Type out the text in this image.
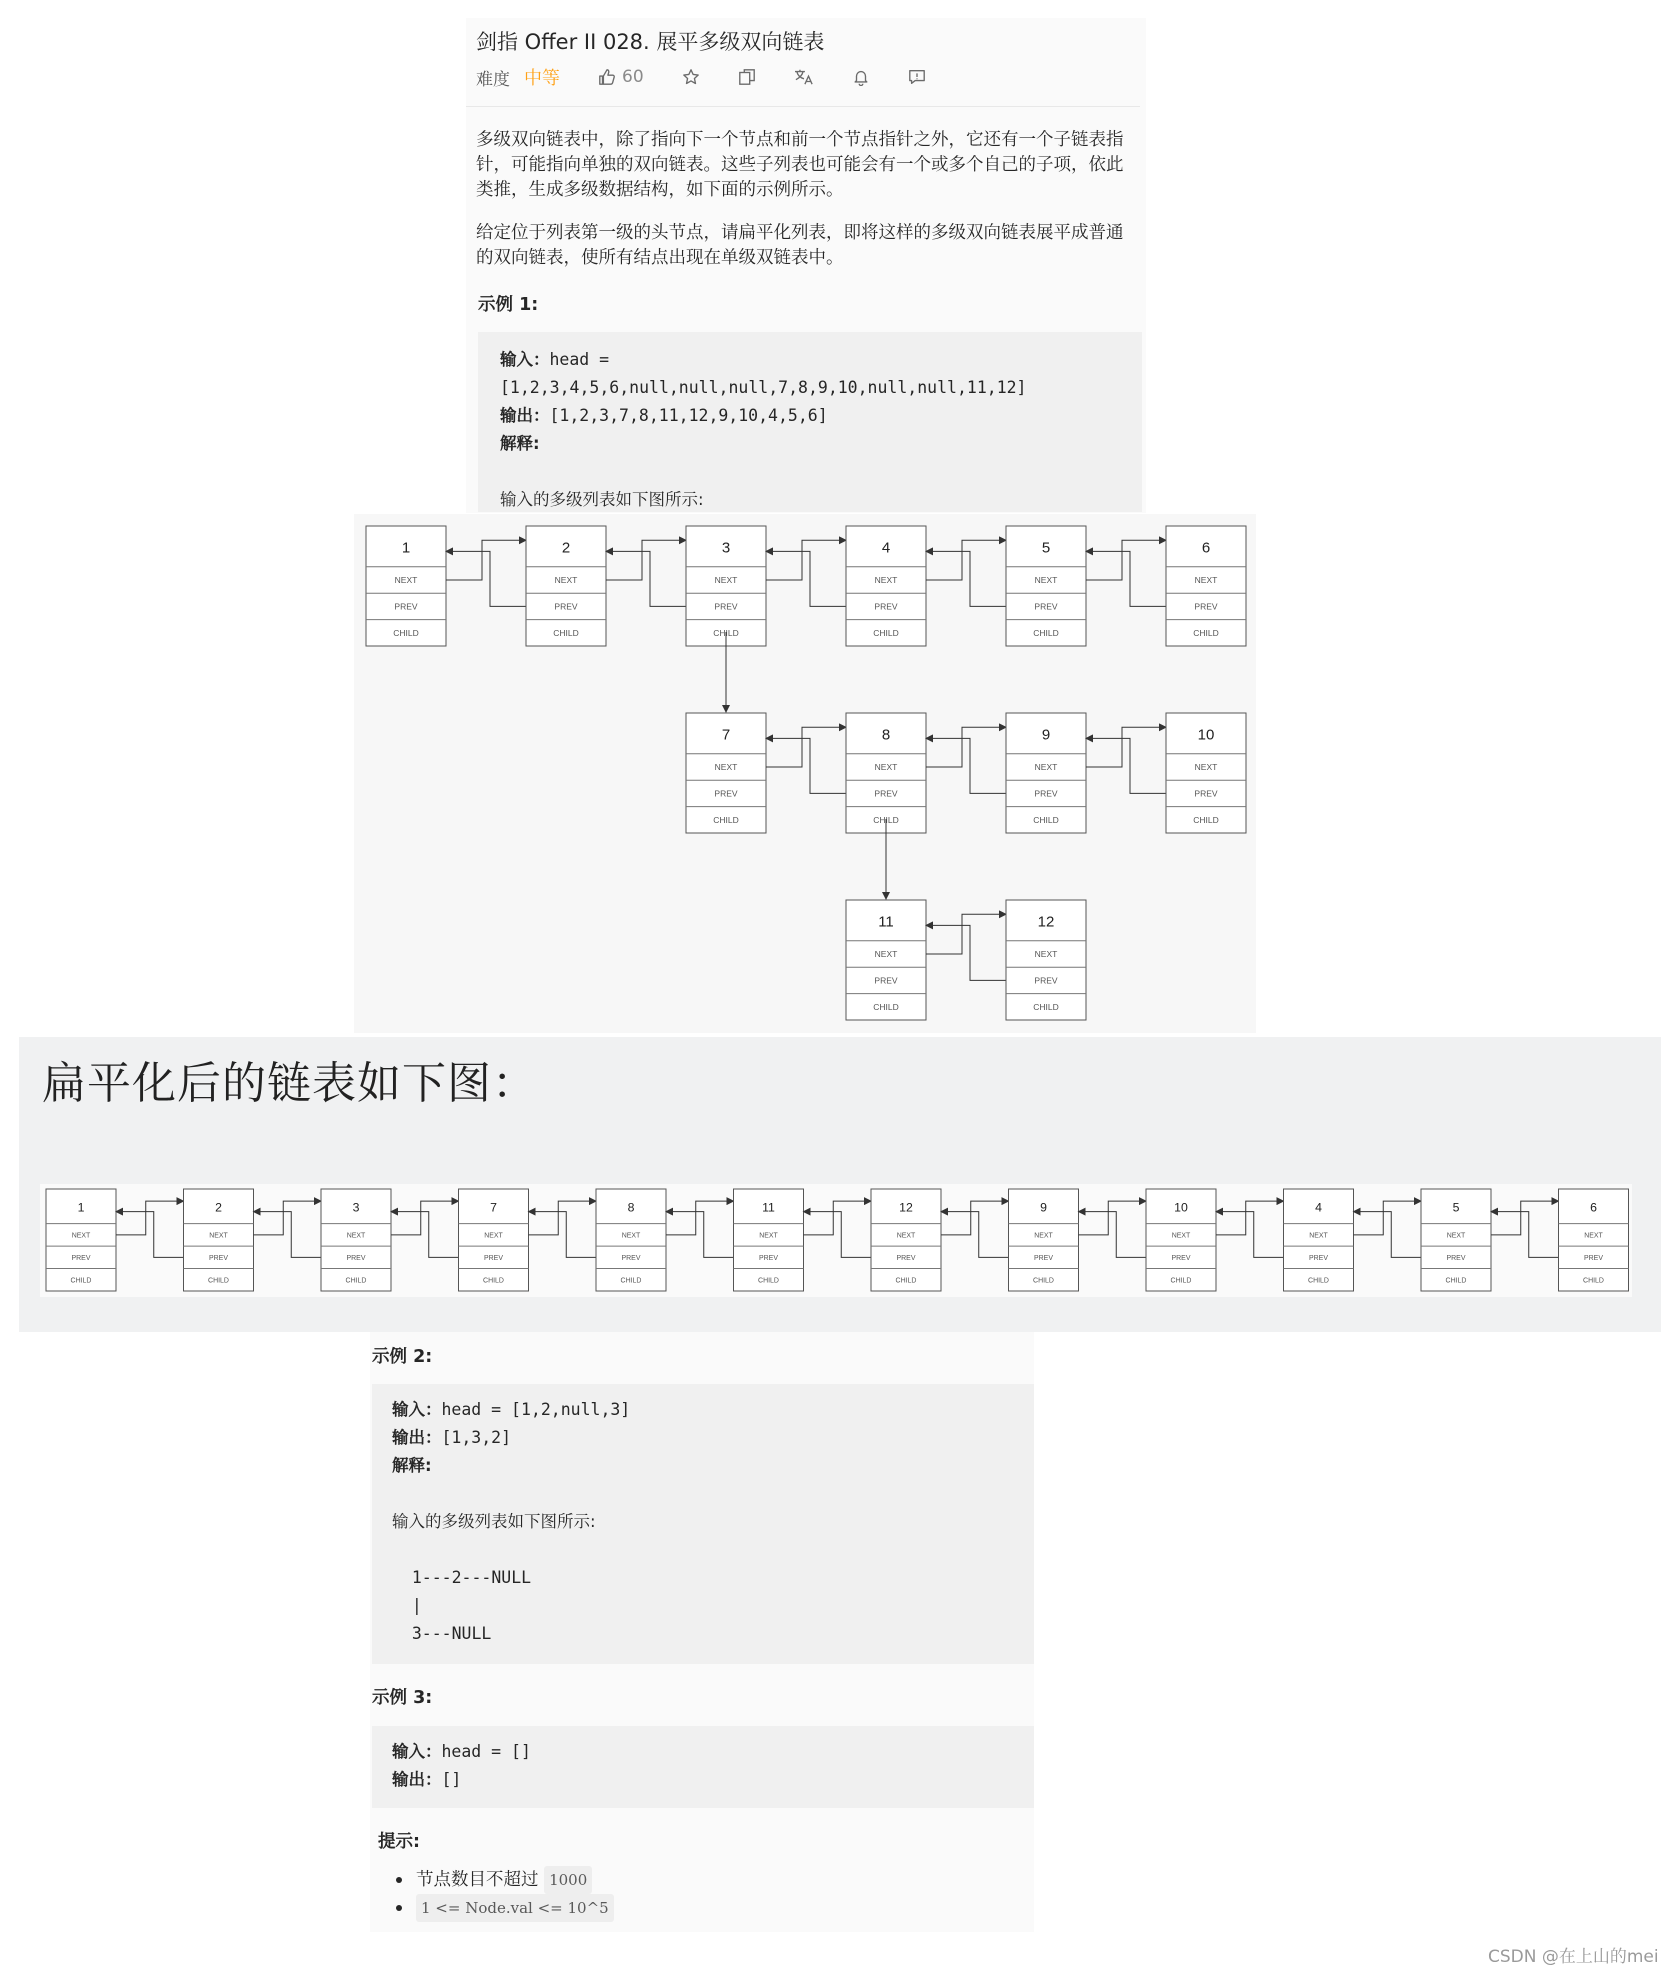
剑指 Offer II 028. 展平多级双向链表
难度 中等	60
多级双向链表中，除了指向下一个节点和前一个节点指针之外，它还有一个子链表指针，可能指向单独的双向链表。这些子列表也可能会有一个或多个自己的子项，依此类推，生成多级数据结构，如下面的示例所示。
给定位于列表第一级的头节点，请扁平化列表，即将这样的多级双向链表展平成普通的双向链表，使所有结点出现在单级双链表中。
示例 1:
输入：head =
[1,2,3,4,5,6,null,null,null,7,8,9,10,null,null,11,12]
输出：[1,2,3,7,8,11,12,9,10,4,5,6]
解释:

输入的多级列表如下图所示:
1
NEXT
PREV
CHILD
2
NEXT
PREV
CHILD
3
NEXT
PREV
CHILD
4
NEXT
PREV
CHILD
5
NEXT
PREV
CHILD
6
NEXT
PREV
CHILD
7
NEXT
PREV
CHILD
8
NEXT
PREV
CHILD
9
NEXT
PREV
CHILD
10
NEXT
PREV
CHILD
11
NEXT
PREV
CHILD
12
NEXT
PREV
CHILD
扁平化后的链表如下图：
1
NEXT
PREV
CHILD
2
NEXT
PREV
CHILD
3
NEXT
PREV
CHILD
7
NEXT
PREV
CHILD
8
NEXT
PREV
CHILD
11
NEXT
PREV
CHILD
12
NEXT
PREV
CHILD
9
NEXT
PREV
CHILD
10
NEXT
PREV
CHILD
4
NEXT
PREV
CHILD
5
NEXT
PREV
CHILD
6
NEXT
PREV
CHILD
示例 2:
输入：head = [1,2,null,3]
输出：[1,3,2]
解释:

输入的多级列表如下图所示:

1---2---NULL
|
3---NULL
示例 3:
输入：head = []
输出：[]
提示:
节点数目不超过
1000
1 <= Node.val <= 10^5
CSDN @在上山的mei
